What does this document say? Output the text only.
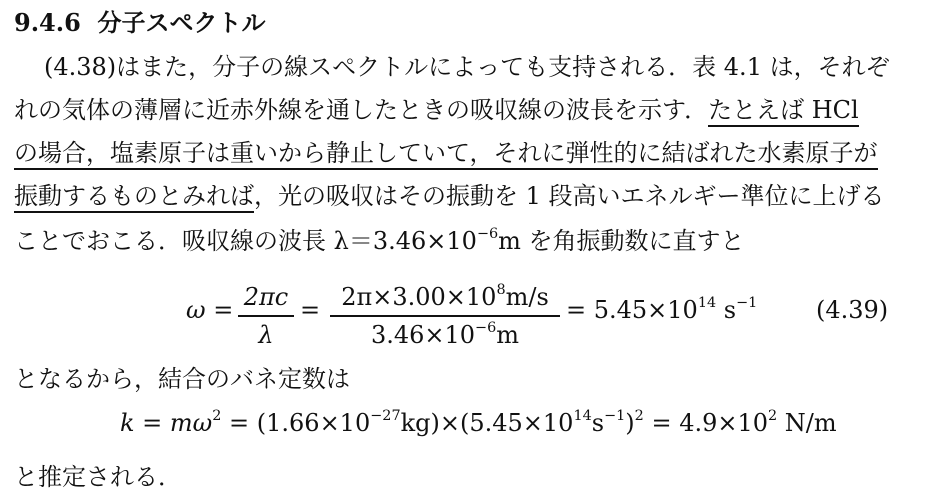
9.4.6 分子スペクトル
(4.38)はまた，分子の線スペクトルによっても支持される．表 4.1 は，それぞ
れの気体の薄層に近赤外線を通したときの吸収線の波長を示す．たとえば HCl
の場合，塩素原子は重いから静止していて，それに弾性的に結ばれた水素原子が
振動するものとみれば，光の吸収はその振動を 1 段高いエネルギー準位に上げる
ことでおこる．吸収線の波長 $\lambda=3.46\times 10^{-6}m$ を角振動数に直すと
ω = 2πc
λ
= $2\pi\times 3.00\times 10^8m/s$
$3.46\times 10^{-6}m$
= $5.45\times 10^{14}$ $s^{-1}$ (4.39)
となるから，結合のバネ定数は
$k = m\omega^2 = (1.66\times 10^{-27}kg)\times(5.45\times 10^{14}s^{-1})^2 = 4.9\times 10^2$ N/m
と推定される．
